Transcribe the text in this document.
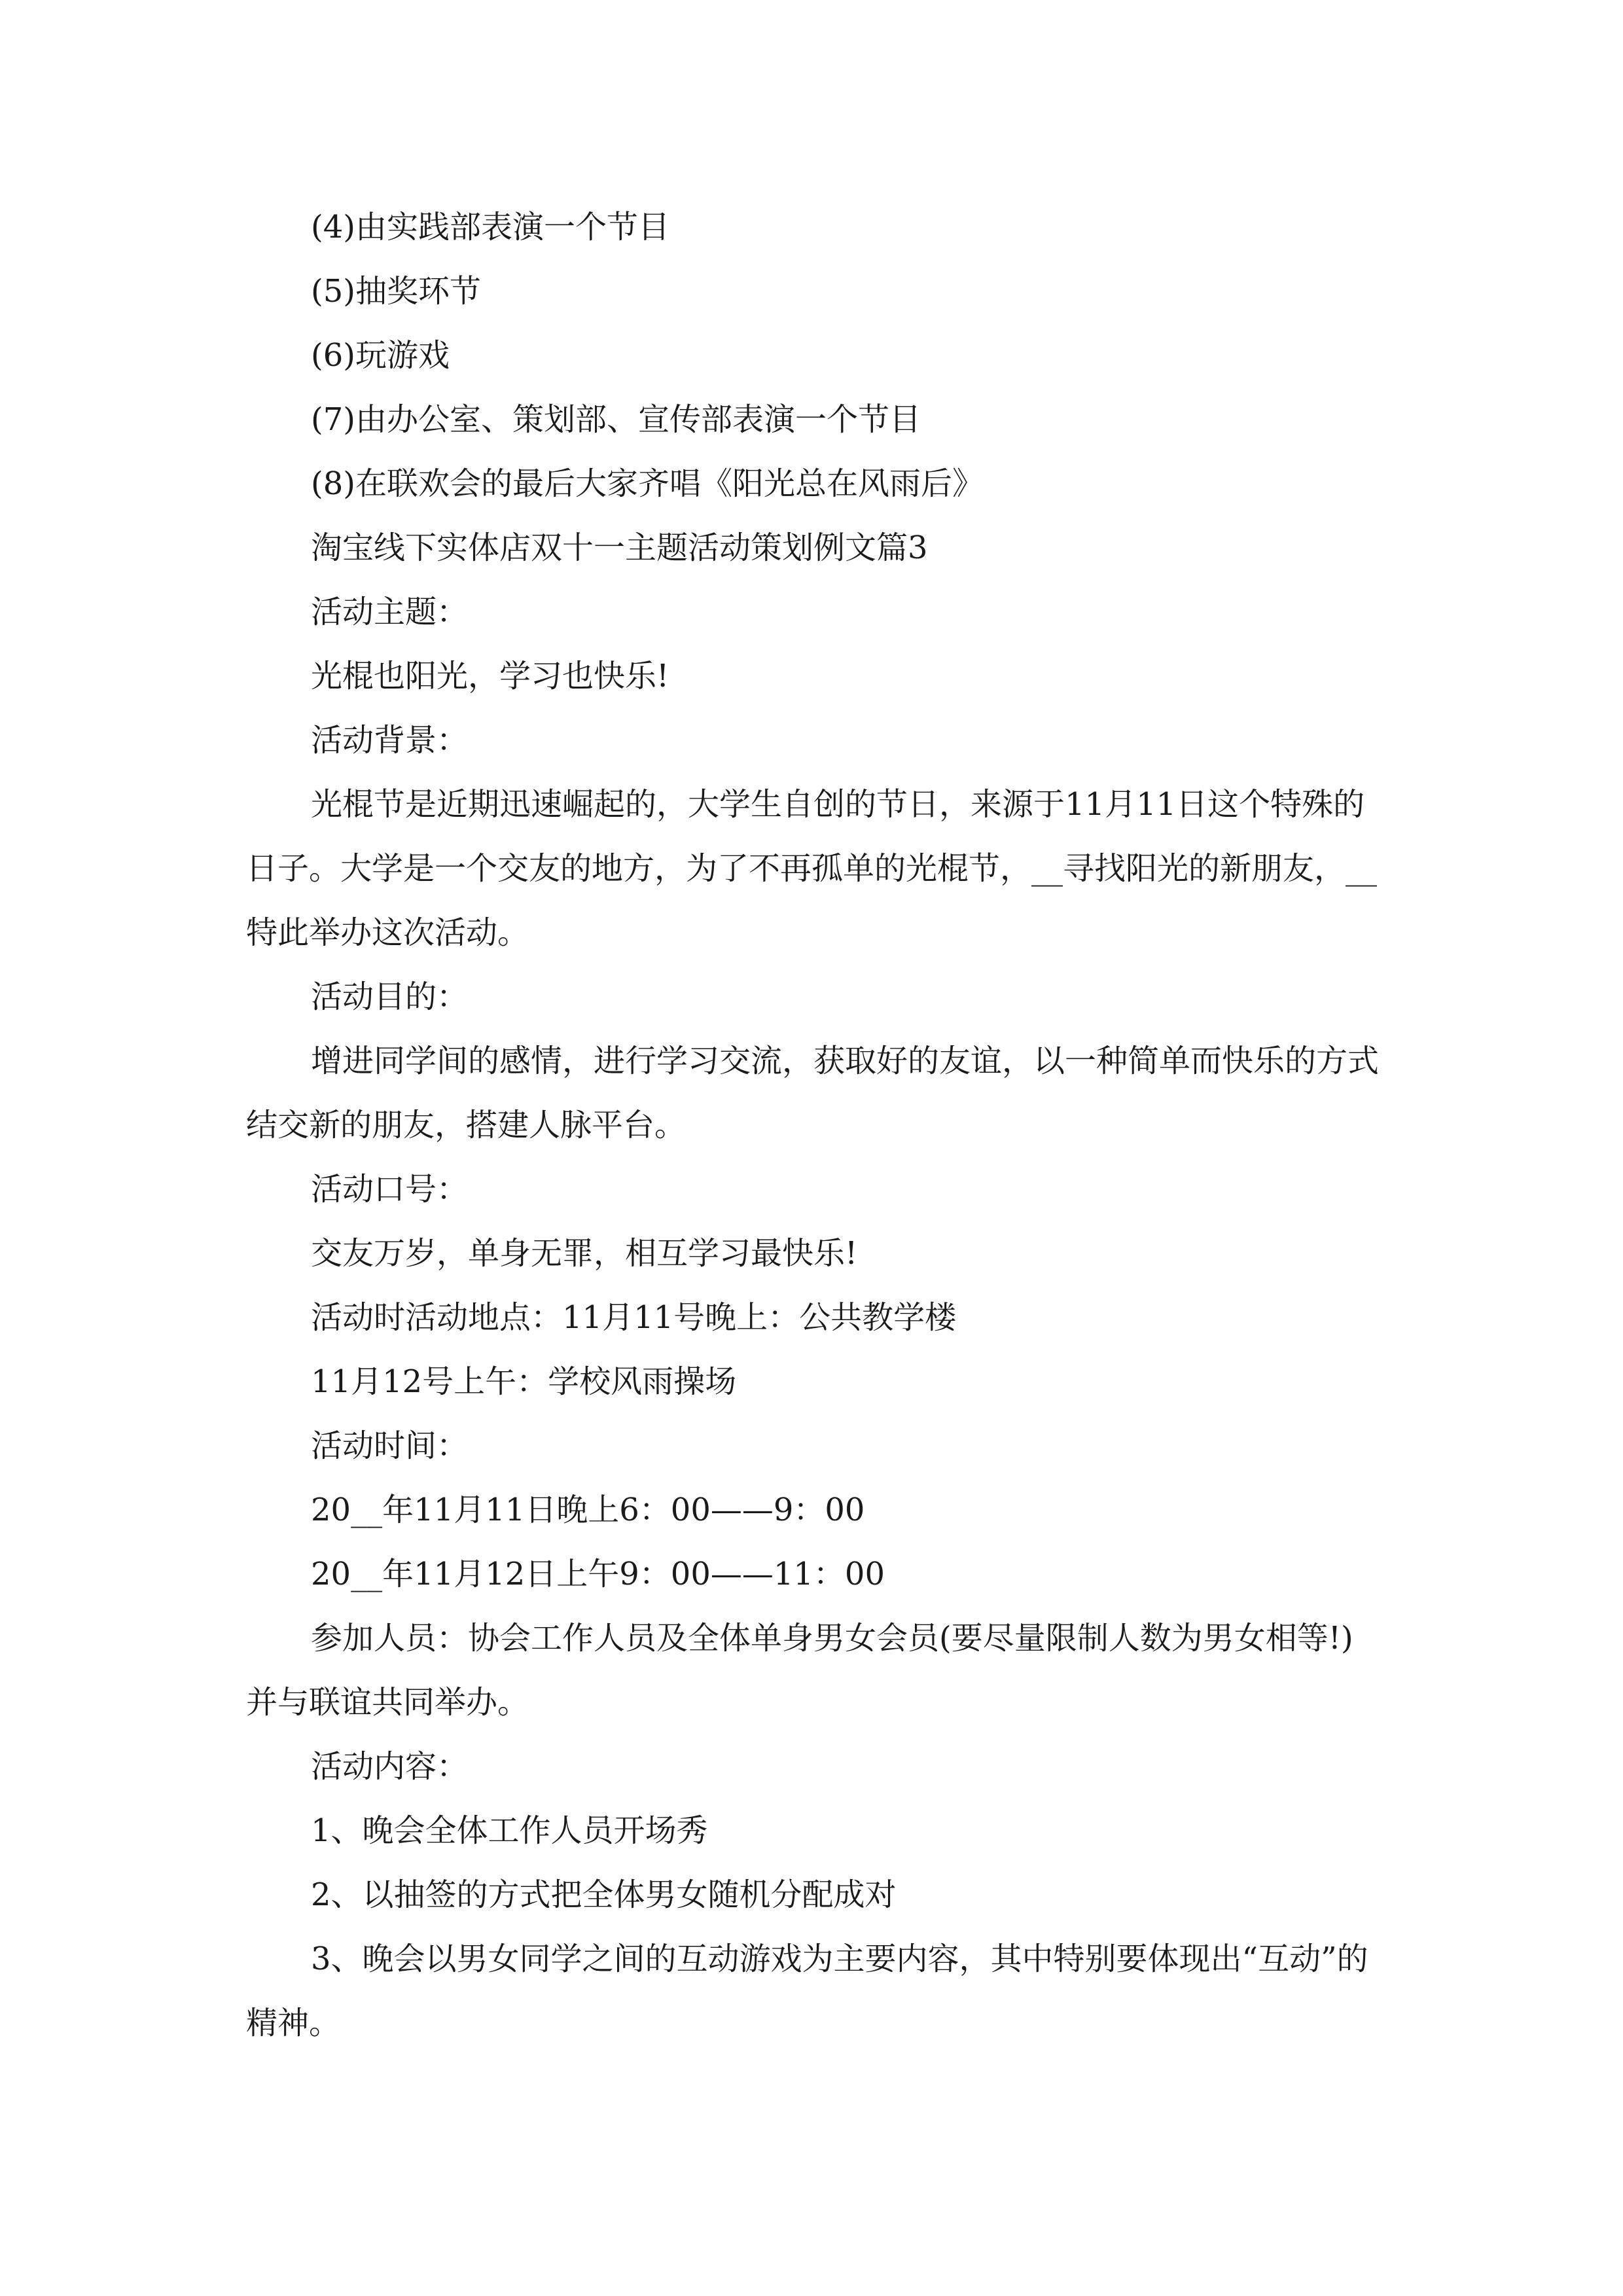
(4)由实践部表演一个节目

(5)抽奖环节

(6)玩游戏

(7)由办公室、策划部、宣传部表演一个节目

(8)在联欢会的最后大家齐唱《阳光总在风雨后》

淘宝线下实体店双十一主题活动策划例文篇3

活动主题：

光棍也阳光，学习也快乐!

活动背景：

光棍节是近期迅速崛起的，大学生自创的节日，来源于11月11日这个特殊的日子。大学是一个交友的地方，为了不再孤单的光棍节，__寻找阳光的新朋友，__特此举办这次活动。

活动目的：

增进同学间的感情，进行学习交流，获取好的友谊，以一种简单而快乐的方式结交新的朋友，搭建人脉平台。

活动口号：

交友万岁，单身无罪，相互学习最快乐!

活动时活动地点：11月11号晚上：公共教学楼

11月12号上午：学校风雨操场

活动时间：

20__年11月11日晚上6：00——9：00

20__年11月12日上午9：00——11：00

参加人员：协会工作人员及全体单身男女会员(要尽量限制人数为男女相等!)并与联谊共同举办。

活动内容：

1、晚会全体工作人员开场秀

2、以抽签的方式把全体男女随机分配成对

3、晚会以男女同学之间的互动游戏为主要内容，其中特别要体现出“互动”的精神。
